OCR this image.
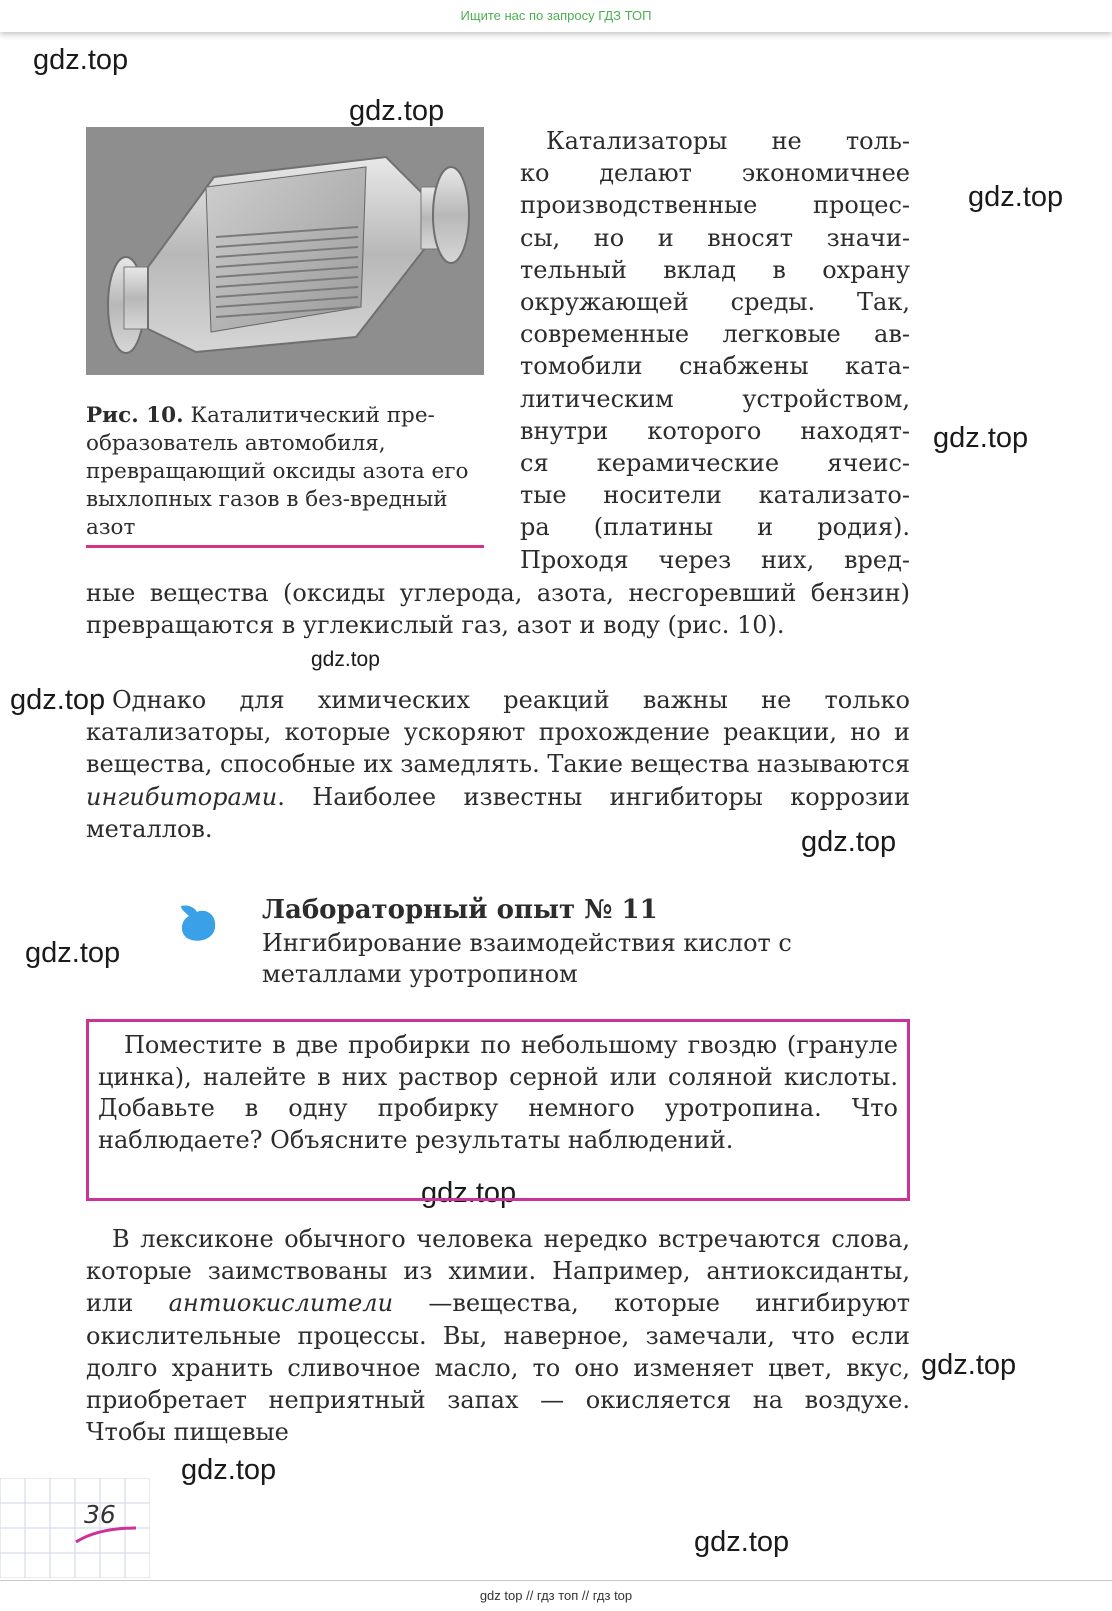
Ищите нас по запросу ГДЗ ТОП
gdz.top
gdz.top
gdz.top
gdz.top
gdz.top
gdz.top
gdz.top
gdz.top
gdz.top
gdz.top
gdz.top
gdz.top

Рис. 10. Каталитический пре-образователь автомобиля, превращающий оксиды азота его выхлопных газов в без-вредный азот

Катализаторы не толь-
ко делают экономичнее
производственные процес-
сы, но и вносят значи-
тельный вклад в охрану
окружающей среды. Так,
современные легковые ав-
томобили снабжены ката-
литическим устройством,
внутри которого находят-
ся керамические ячеис-
тые носители катализато-
ра (платины и родия).
Проходя через них, вред-

ные вещества (оксиды углерода, азота, несгоревший бензин) превращаются в углекислый газ, азот и воду (рис. 10).

Однако для химических реакций важны не только катализаторы, которые ускоряют прохождение реакции, но и вещества, способные их замедлять. Такие вещества называются ингибиторами. Наиболее известны ингибиторы коррозии металлов.

Лабораторный опыт № 11

Ингибирование взаимодействия кислот с металлами уротропином

Поместите в две пробирки по небольшому гвоздю (грануле цинка), налейте в них раствор серной или соляной кислоты. Добавьте в одну пробирку немного уротропина. Что наблюдаете? Объясните результаты наблюдений.

В лексиконе обычного человека нередко встречаются слова, которые заимствованы из химии. Например, антиоксиданты, или антиокислители —вещества, которые ингибируют окислительные процессы. Вы, наверное, замечали, что если долго хранить сливочное масло, то оно изменяет цвет, вкус, приобретает неприятный запах — окисляется на воздухе. Чтобы пищевые

36
gdz top // гдз топ // гдз top
